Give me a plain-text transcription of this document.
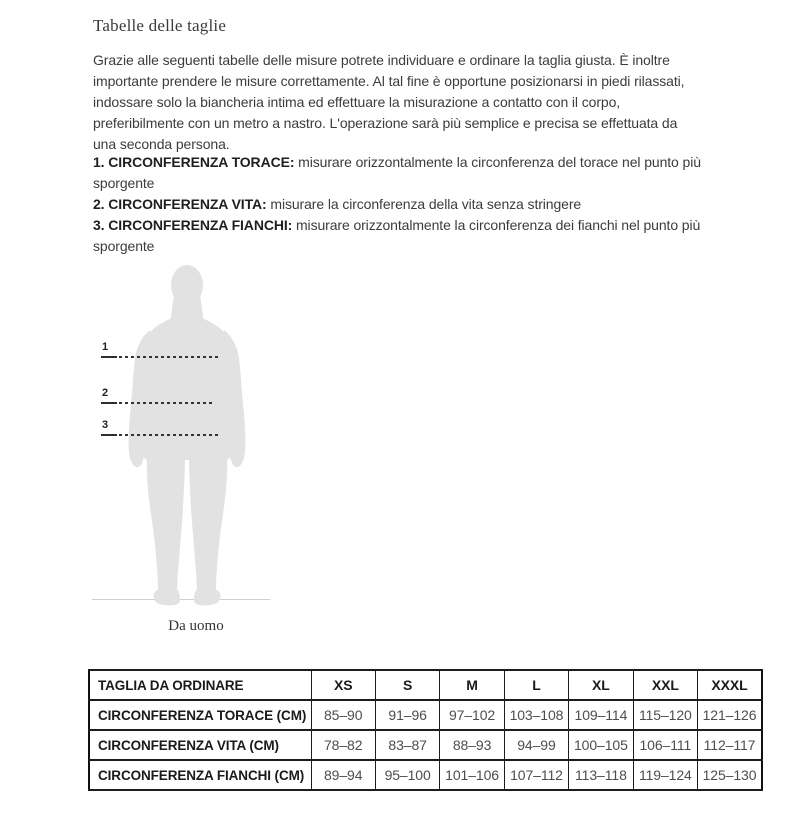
Tabelle delle taglie

Grazie alle seguenti tabelle delle misure potrete individuare e ordinare la taglia giusta. È inoltre importante prendere le misure correttamente. Al tal fine è opportune posizionarsi in piedi rilassati, indossare solo la biancheria intima ed effettuare la misurazione a contatto con il corpo, preferibilmente con un metro a nastro. L'operazione sarà più semplice e precisa se effettuata da una seconda persona.

1. CIRCONFERENZA TORACE: misurare orizzontalmente la circonferenza del torace nel punto più sporgente

2. CIRCONFERENZA VITA: misurare la circonferenza della vita senza stringere

3. CIRCONFERENZA FIANCHI: misurare orizzontalmente la circonferenza dei fianchi nel punto più sporgente

1
2
3
Da uomo
TAGLIA DA ORDINARE	XS	S	M	L	XL	XXL	XXXL
CIRCONFERENZA TORACE (CM)	85–90	91–96	97–102	103–108	109–114	115–120	121–126
CIRCONFERENZA VITA (CM)	78–82	83–87	88–93	94–99	100–105	106–111	112–117
CIRCONFERENZA FIANCHI (CM)	89–94	95–100	101–106	107–112	113–118	119–124	125–130
